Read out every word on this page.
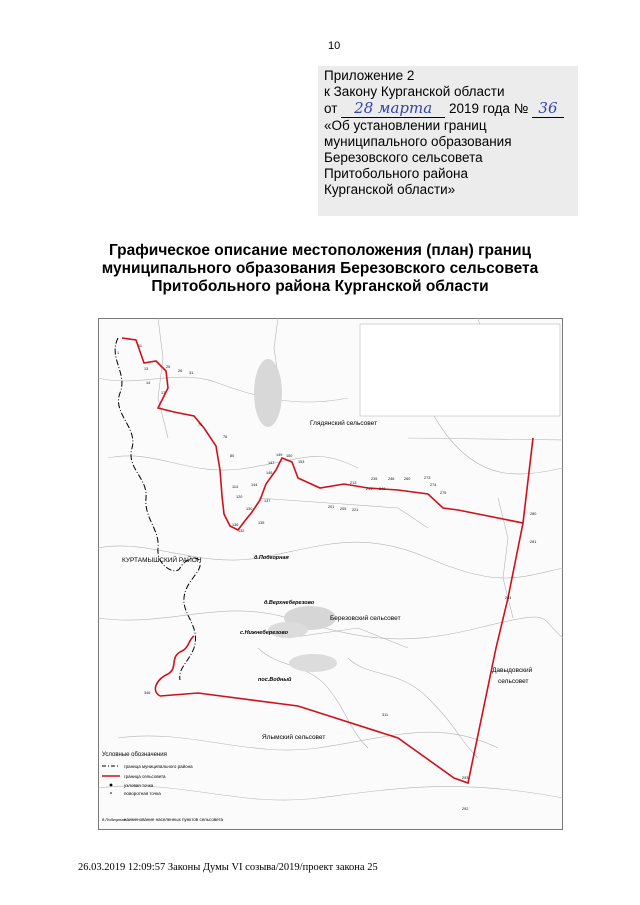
10
Приложение 2
к Закону Курганской области
от 28 марта 2019 года № 36
«Об установлении границ
муниципального образования
Березовского сельсовета
Притобольного района
Курганской области»
Графическое описание местоположения (план) границ
муниципального образования Березовского сельсовета
Притобольного района Курганской области
Глядянский сельсовет
КУРТАМЫШСКИЙ РАЙОН
Березовский сельсовет
Давыдовский
сельсовет
Ялымский сельсовет
д.Подгорная
д.Верхнеберезово
с.Нижнеберезово
пос.Водный
1
11
13
14
17
25
26 31
74
76
80
114
120
130
132
135
136
137
144
145
147
149 150
153
201 205
213
221
231
235	246
248
260	273
274
275
280
281
284
292
293
311
346
Условные обозначения
граница муниципального района
граница сельсовета
узловая точка
поворотная точка
д.Подгорная
наименование населенных пунктов сельсовета
26.03.2019 12:09:57 Законы Думы VI созыва/2019/проект закона 25
